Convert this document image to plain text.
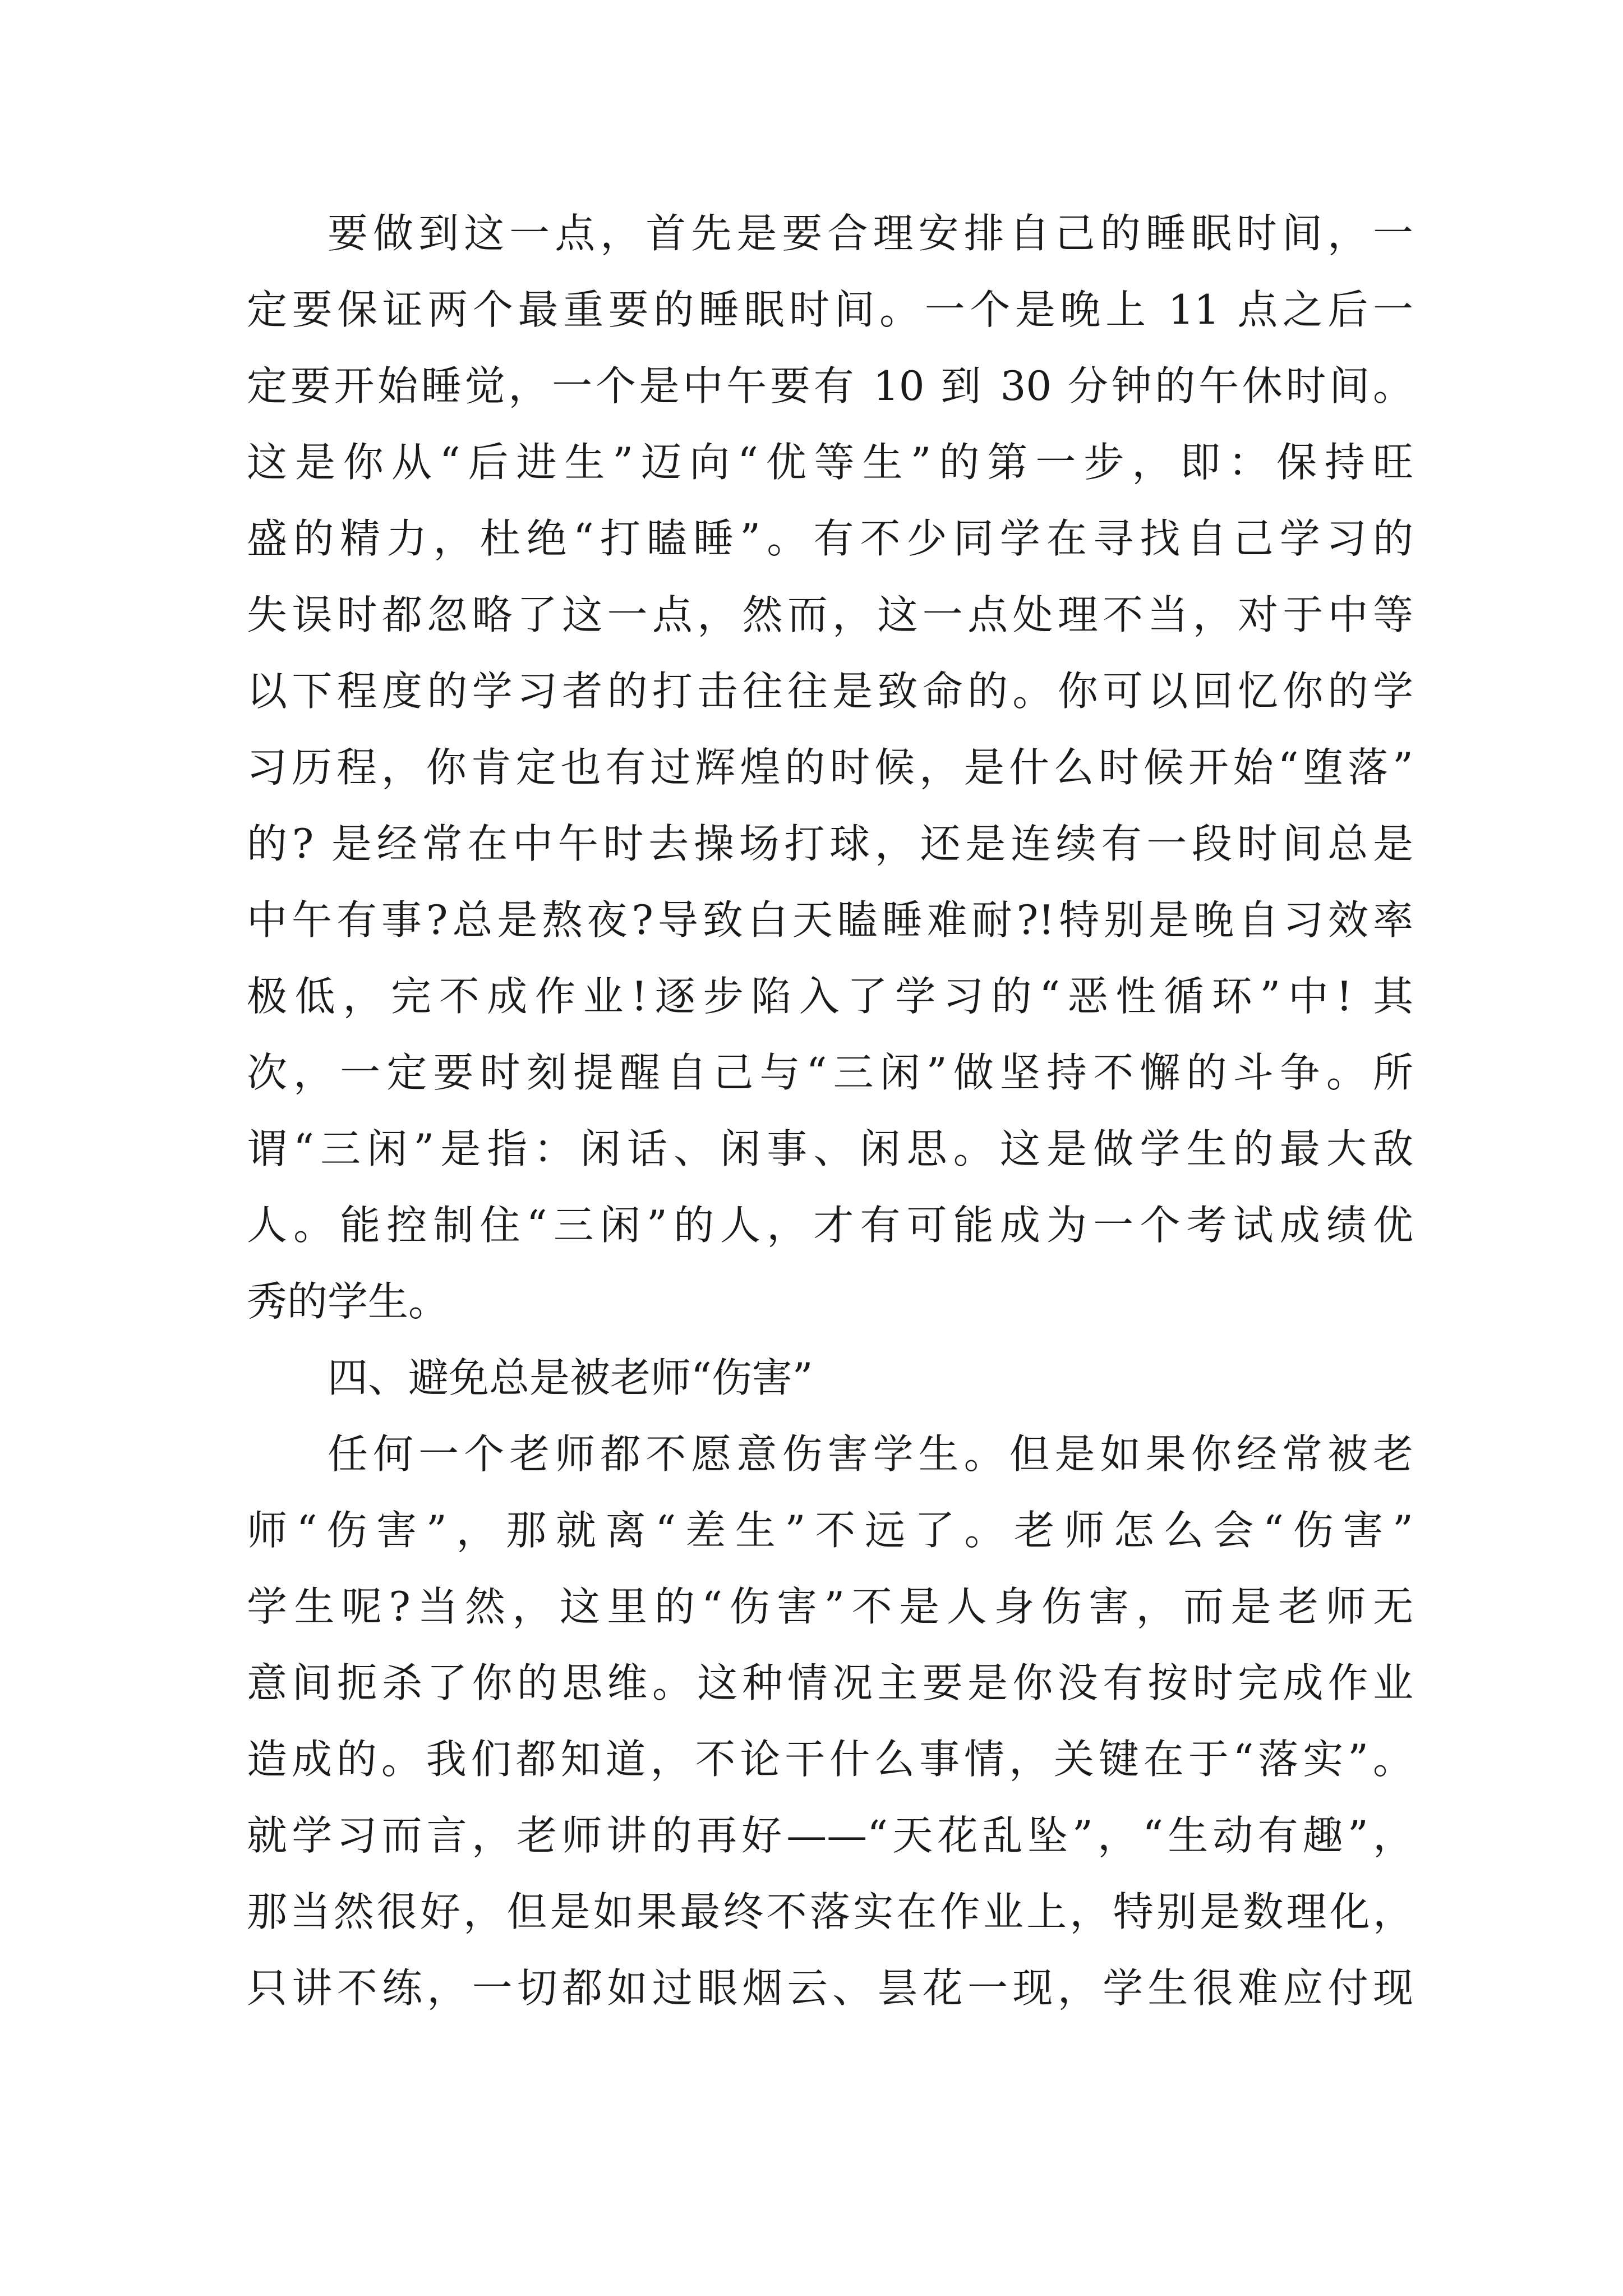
要做到这一点，首先是要合理安排自己的睡眠时间，一
定要保证两个最重要的睡眠时间。一个是晚上 11 点之后一
定要开始睡觉，一个是中午要有 10 到 30 分钟的午休时间。
这是你从“后进生”迈向“优等生”的第一步，即：保持旺
盛的精力，杜绝“打瞌睡”。有不少同学在寻找自己学习的
失误时都忽略了这一点，然而，这一点处理不当，对于中等
以下程度的学习者的打击往往是致命的。你可以回忆你的学
习历程，你肯定也有过辉煌的时候，是什么时候开始“堕落”
的? 是经常在中午时去操场打球，还是连续有一段时间总是
中午有事?总是熬夜?导致白天瞌睡难耐?!特别是晚自习效率
极低，完不成作业!逐步陷入了学习的“恶性循环”中! 其
次，一定要时刻提醒自己与“三闲”做坚持不懈的斗争。所
谓“三闲”是指：闲话、闲事、闲思。这是做学生的最大敌
人。能控制住“三闲”的人，才有可能成为一个考试成绩优
秀的学生。
四、避免总是被老师“伤害”
任何一个老师都不愿意伤害学生。但是如果你经常被老
师“伤害”，那就离“差生”不远了。老师怎么会“伤害”
学生呢?当然，这里的“伤害”不是人身伤害，而是老师无
意间扼杀了你的思维。这种情况主要是你没有按时完成作业
造成的。我们都知道，不论干什么事情，关键在于“落实”。
就学习而言，老师讲的再好——“天花乱坠”，“生动有趣”，
那当然很好，但是如果最终不落实在作业上，特别是数理化，
只讲不练，一切都如过眼烟云、昙花一现，学生很难应付现
